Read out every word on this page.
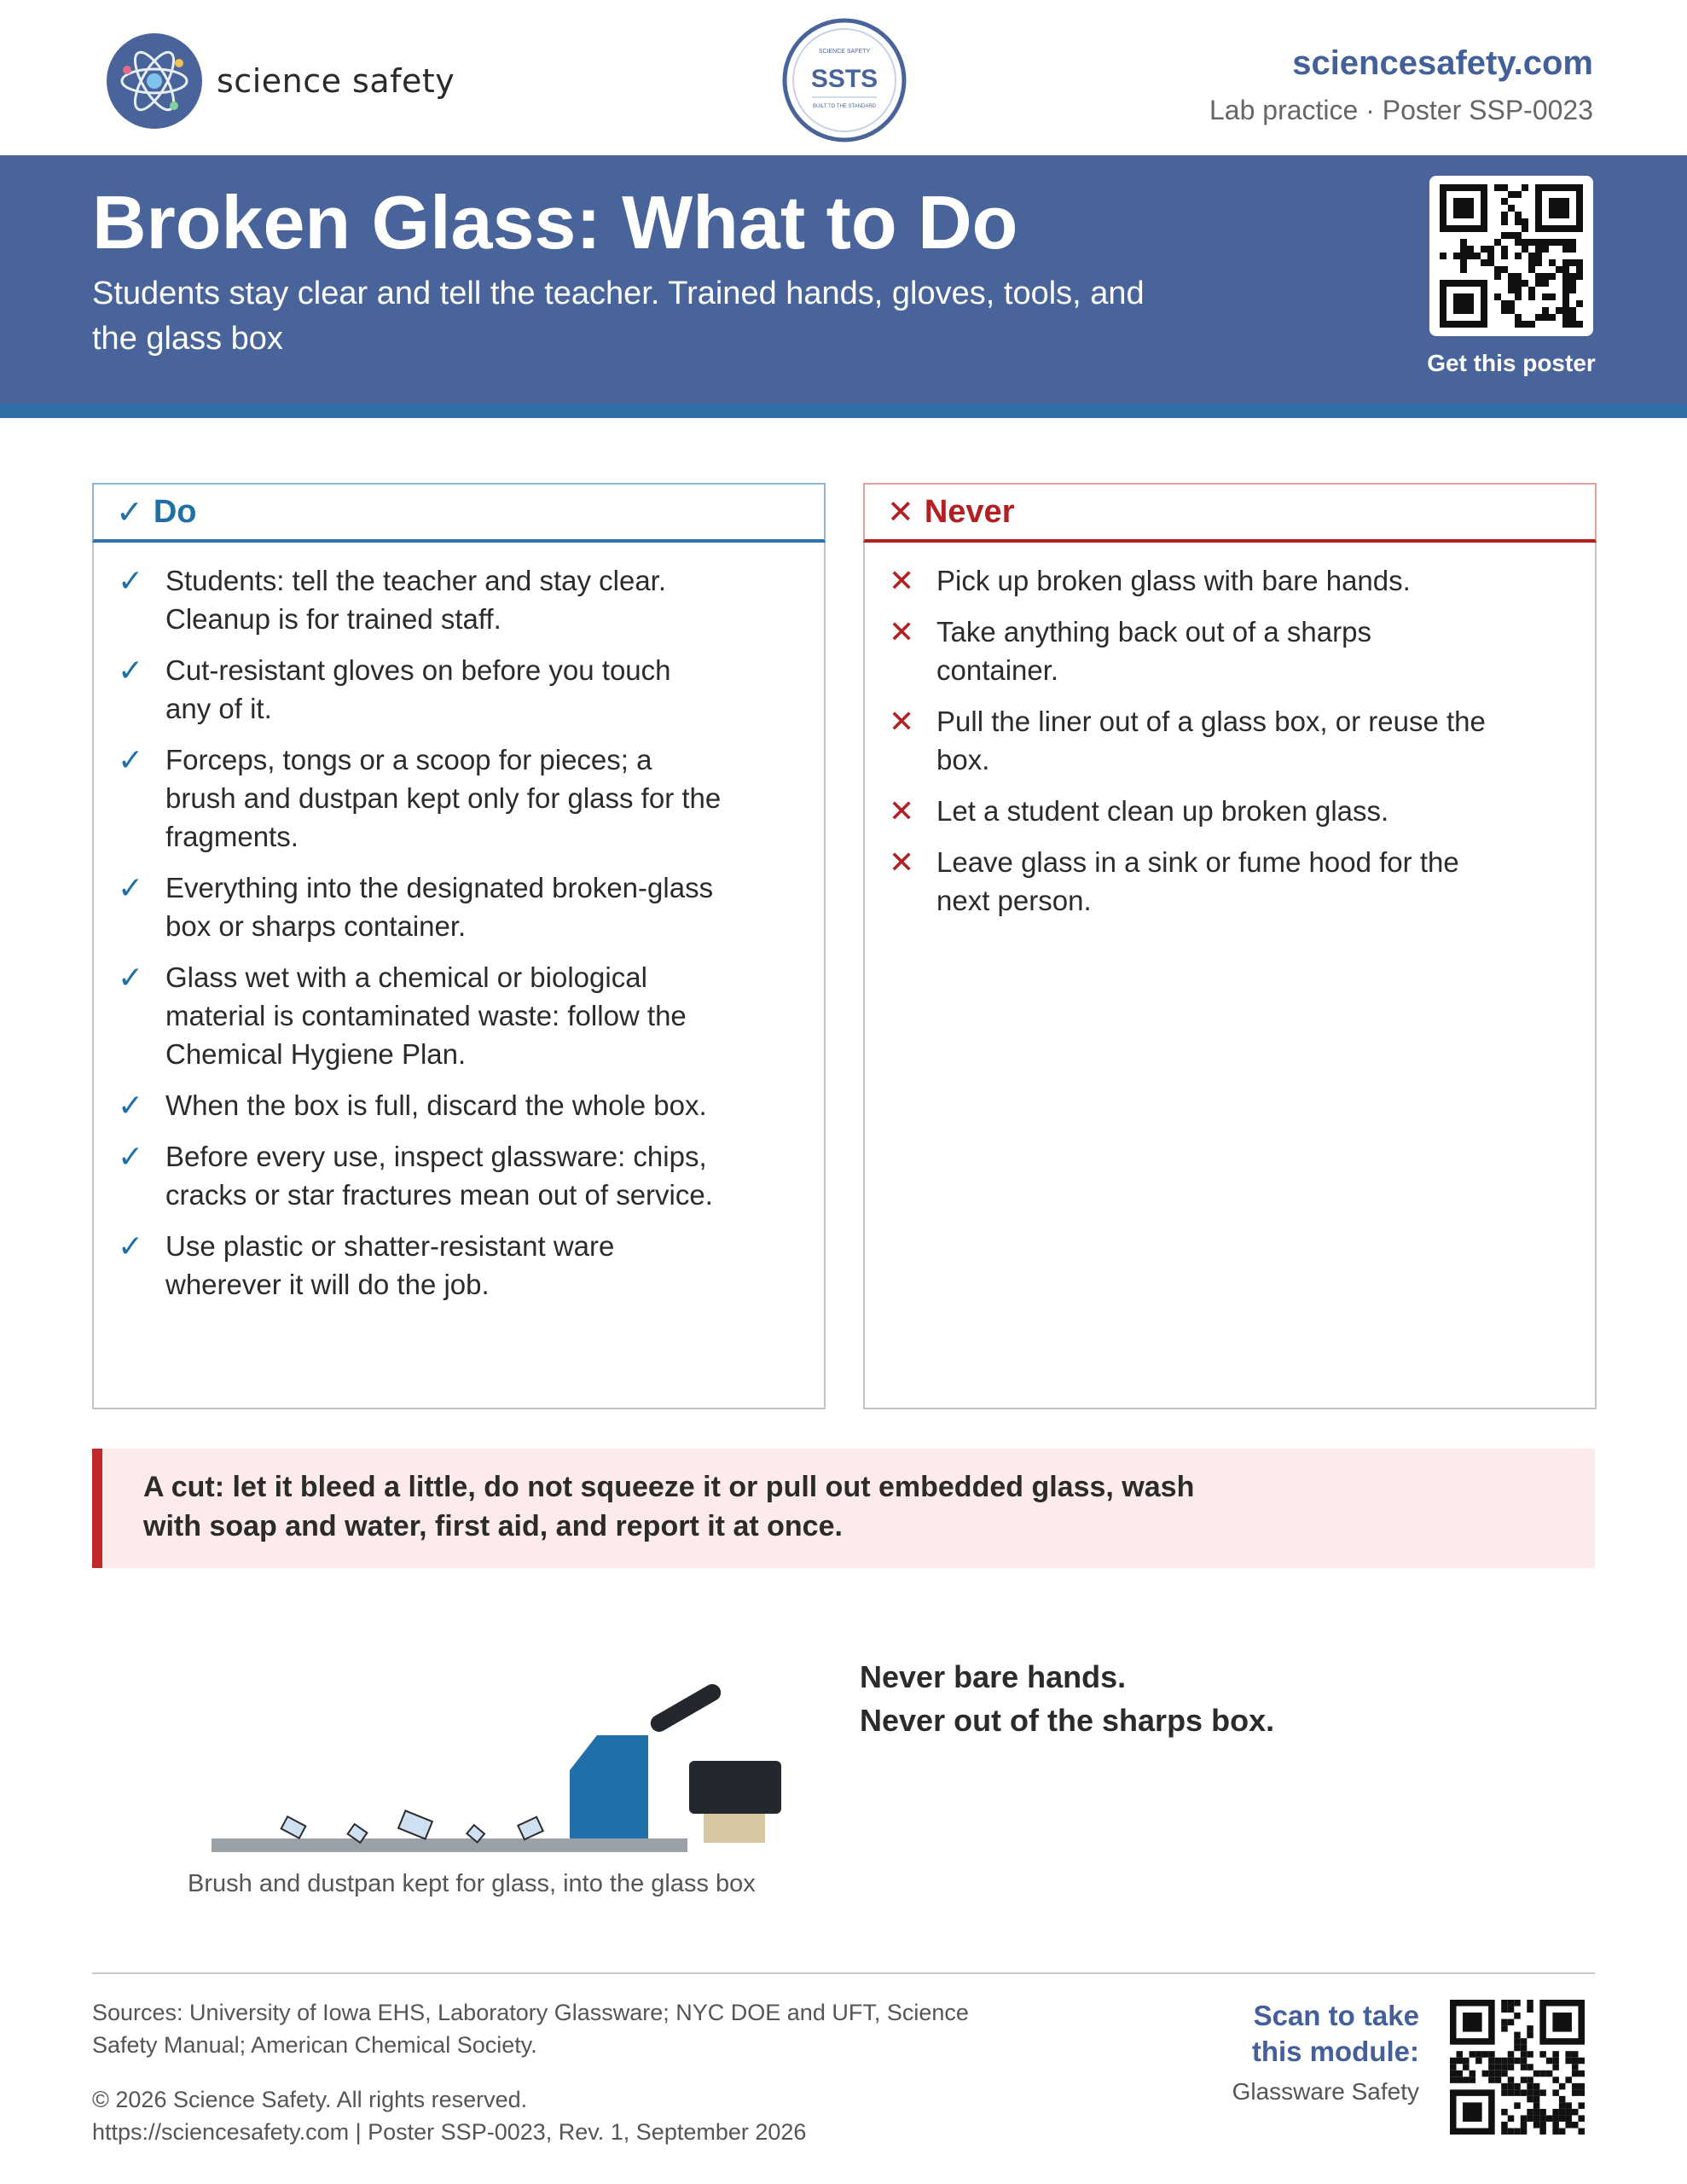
science safety
SCIENCE SAFETY
SSTS
BUILT TO THE STANDARD
sciencesafety.com
Lab practice · Poster SSP-0023
Broken Glass: What to Do
Students stay clear and tell the teacher. Trained hands, gloves, tools, and the glass box
Get this poster
✓ Do
✓ Students: tell the teacher and stay clear. Cleanup is for trained staff.
✓ Cut-resistant gloves on before you touch any of it.
✓ Forceps, tongs or a scoop for pieces; a brush and dustpan kept only for glass for the fragments.
✓ Everything into the designated broken-glass box or sharps container.
✓ Glass wet with a chemical or biological material is contaminated waste: follow the Chemical Hygiene Plan.
✓ When the box is full, discard the whole box.
✓ Before every use, inspect glassware: chips, cracks or star fractures mean out of service.
✓ Use plastic or shatter-resistant ware wherever it will do the job.
✕ Never
✕ Pick up broken glass with bare hands.
✕ Take anything back out of a sharps container.
✕ Pull the liner out of a glass box, or reuse the box.
✕ Let a student clean up broken glass.
✕ Leave glass in a sink or fume hood for the next person.
A cut: let it bleed a little, do not squeeze it or pull out embedded glass, wash with soap and water, first aid, and report it at once.
Brush and dustpan kept for glass, into the glass box
Never bare hands.
Never out of the sharps box.
Sources: University of Iowa EHS, Laboratory Glassware; NYC DOE and UFT, Science Safety Manual; American Chemical Society.
© 2026 Science Safety. All rights reserved.
https://sciencesafety.com | Poster SSP-0023, Rev. 1, September 2026
Scan to take
this module:
Glassware Safety
